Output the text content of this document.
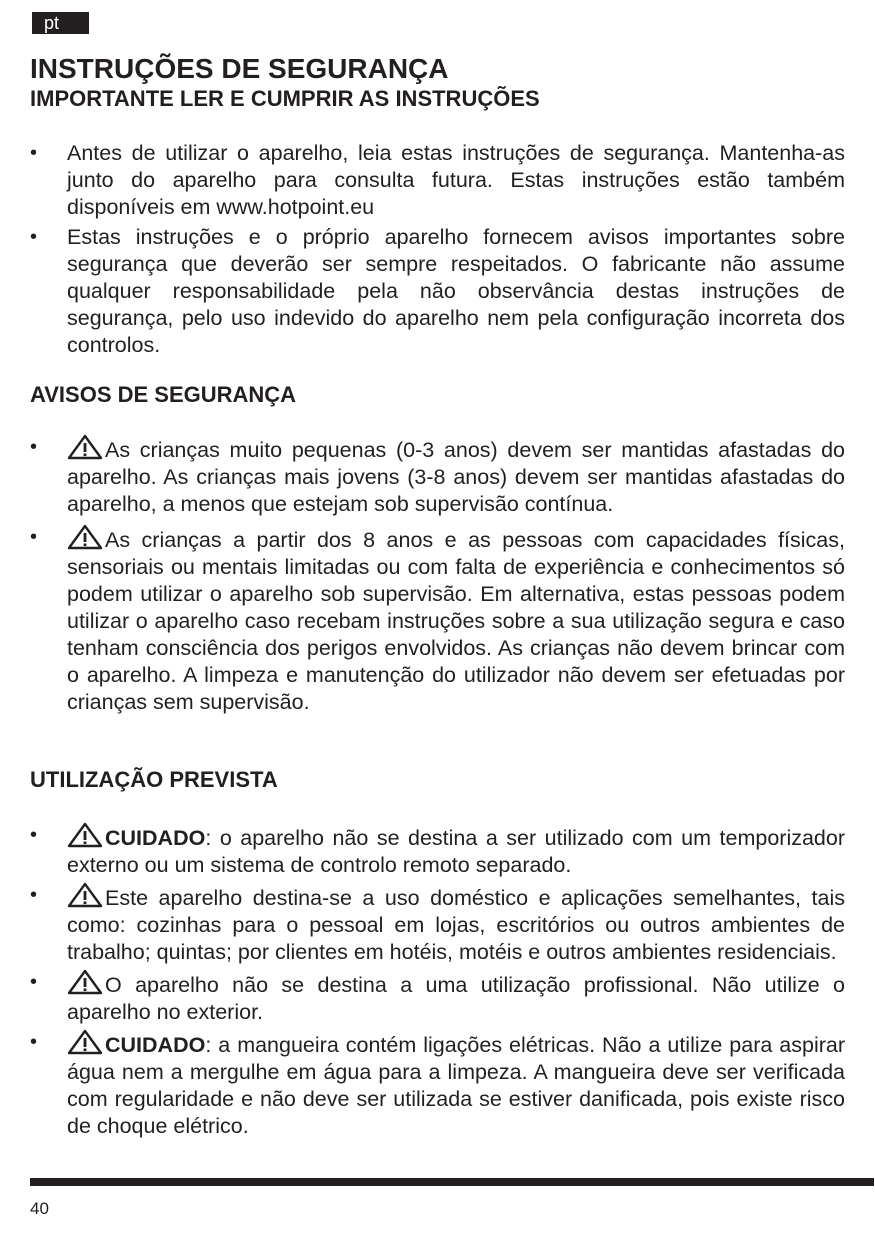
pt
INSTRUÇÕES DE SEGURANÇA
IMPORTANTE LER E CUMPRIR AS INSTRUÇÕES
• Antes de utilizar o aparelho, leia estas instruções de segurança. Mantenha-as junto do aparelho para consulta futura. Estas instruções estão também disponíveis em www.hotpoint.eu
• Estas instruções e o próprio aparelho fornecem avisos importantes sobre segurança que deverão ser sempre respeitados. O fabricante não assume qualquer responsabilidade pela não observância destas instruções de segurança, pelo uso indevido do aparelho nem pela configuração incorreta dos controlos.
AVISOS DE SEGURANÇA
•	As crianças muito pequenas (0-3 anos) devem ser mantidas afastadas do aparelho. As crianças mais jovens (3-8 anos) devem ser mantidas afastadas do aparelho, a menos que estejam sob supervisão contínua.
•	As crianças a partir dos 8 anos e as pessoas com capacidades físicas, sensoriais ou mentais limitadas ou com falta de experiência e conhecimentos só podem utilizar o aparelho sob supervisão. Em alternativa, estas pessoas podem utilizar o aparelho caso recebam instruções sobre a sua utilização segura e caso tenham consciência dos perigos envolvidos. As crianças não devem brincar com o aparelho. A limpeza e manutenção do utilizador não devem ser efetuadas por crianças sem supervisão.
UTILIZAÇÃO PREVISTA
•	CUIDADO: o aparelho não se destina a ser utilizado com um temporizador externo ou um sistema de controlo remoto separado.
•	Este aparelho destina-se a uso doméstico e aplicações semelhantes, tais como: cozinhas para o pessoal em lojas, escritórios ou outros ambientes de trabalho; quintas; por clientes em hotéis, motéis e outros ambientes residenciais.
•	O aparelho não se destina a uma utilização profissional. Não utilize o aparelho no exterior.
•	CUIDADO: a mangueira contém ligações elétricas. Não a utilize para aspirar água nem a mergulhe em água para a limpeza. A mangueira deve ser verificada com regularidade e não deve ser utilizada se estiver danificada, pois existe risco de choque elétrico.
40
